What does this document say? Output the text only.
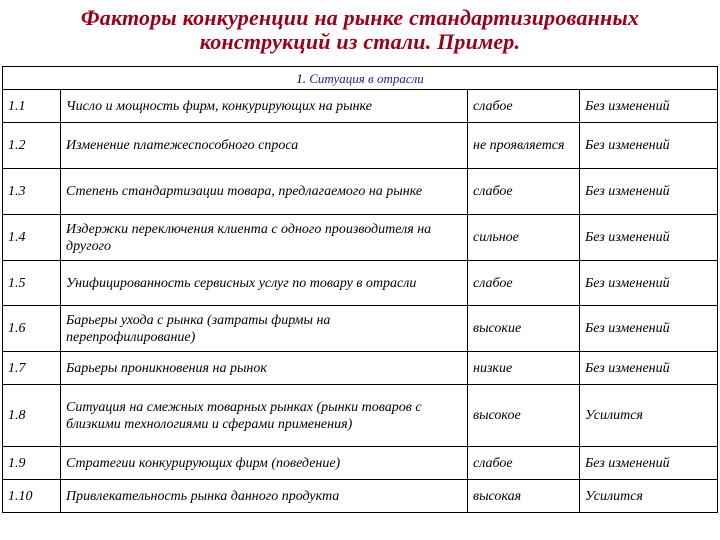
Факторы конкуренции на рынке стандартизированных
конструкций из стали. Пример.
1. Ситуация в отрасли			
1.1	Число и мощность фирм, конкурирующих на рынке	слабое	Без изменений
1.2	Изменение платежеспособного спроса	не проявляется	Без изменений
1.3	Степень стандартизации товара, предлагаемого на рынке	слабое	Без изменений
1.4	Издержки переключения клиента с одного производителя на другого	сильное	Без изменений
1.5	Унифицированность сервисных услуг по товару в отрасли	слабое	Без изменений
1.6	Барьеры ухода с рынка (затраты фирмы на перепрофилирование)	высокие	Без изменений
1.7	Барьеры проникновения на рынок	низкие	Без изменений
1.8	Ситуация на смежных товарных рынках (рынки товаров с близкими технологиями и сферами применения)	высокое	Усилится
1.9	Стратегии конкурирующих фирм (поведение)	слабое	Без изменений
1.10	Привлекательность рынка данного продукта	высокая	Усилится
